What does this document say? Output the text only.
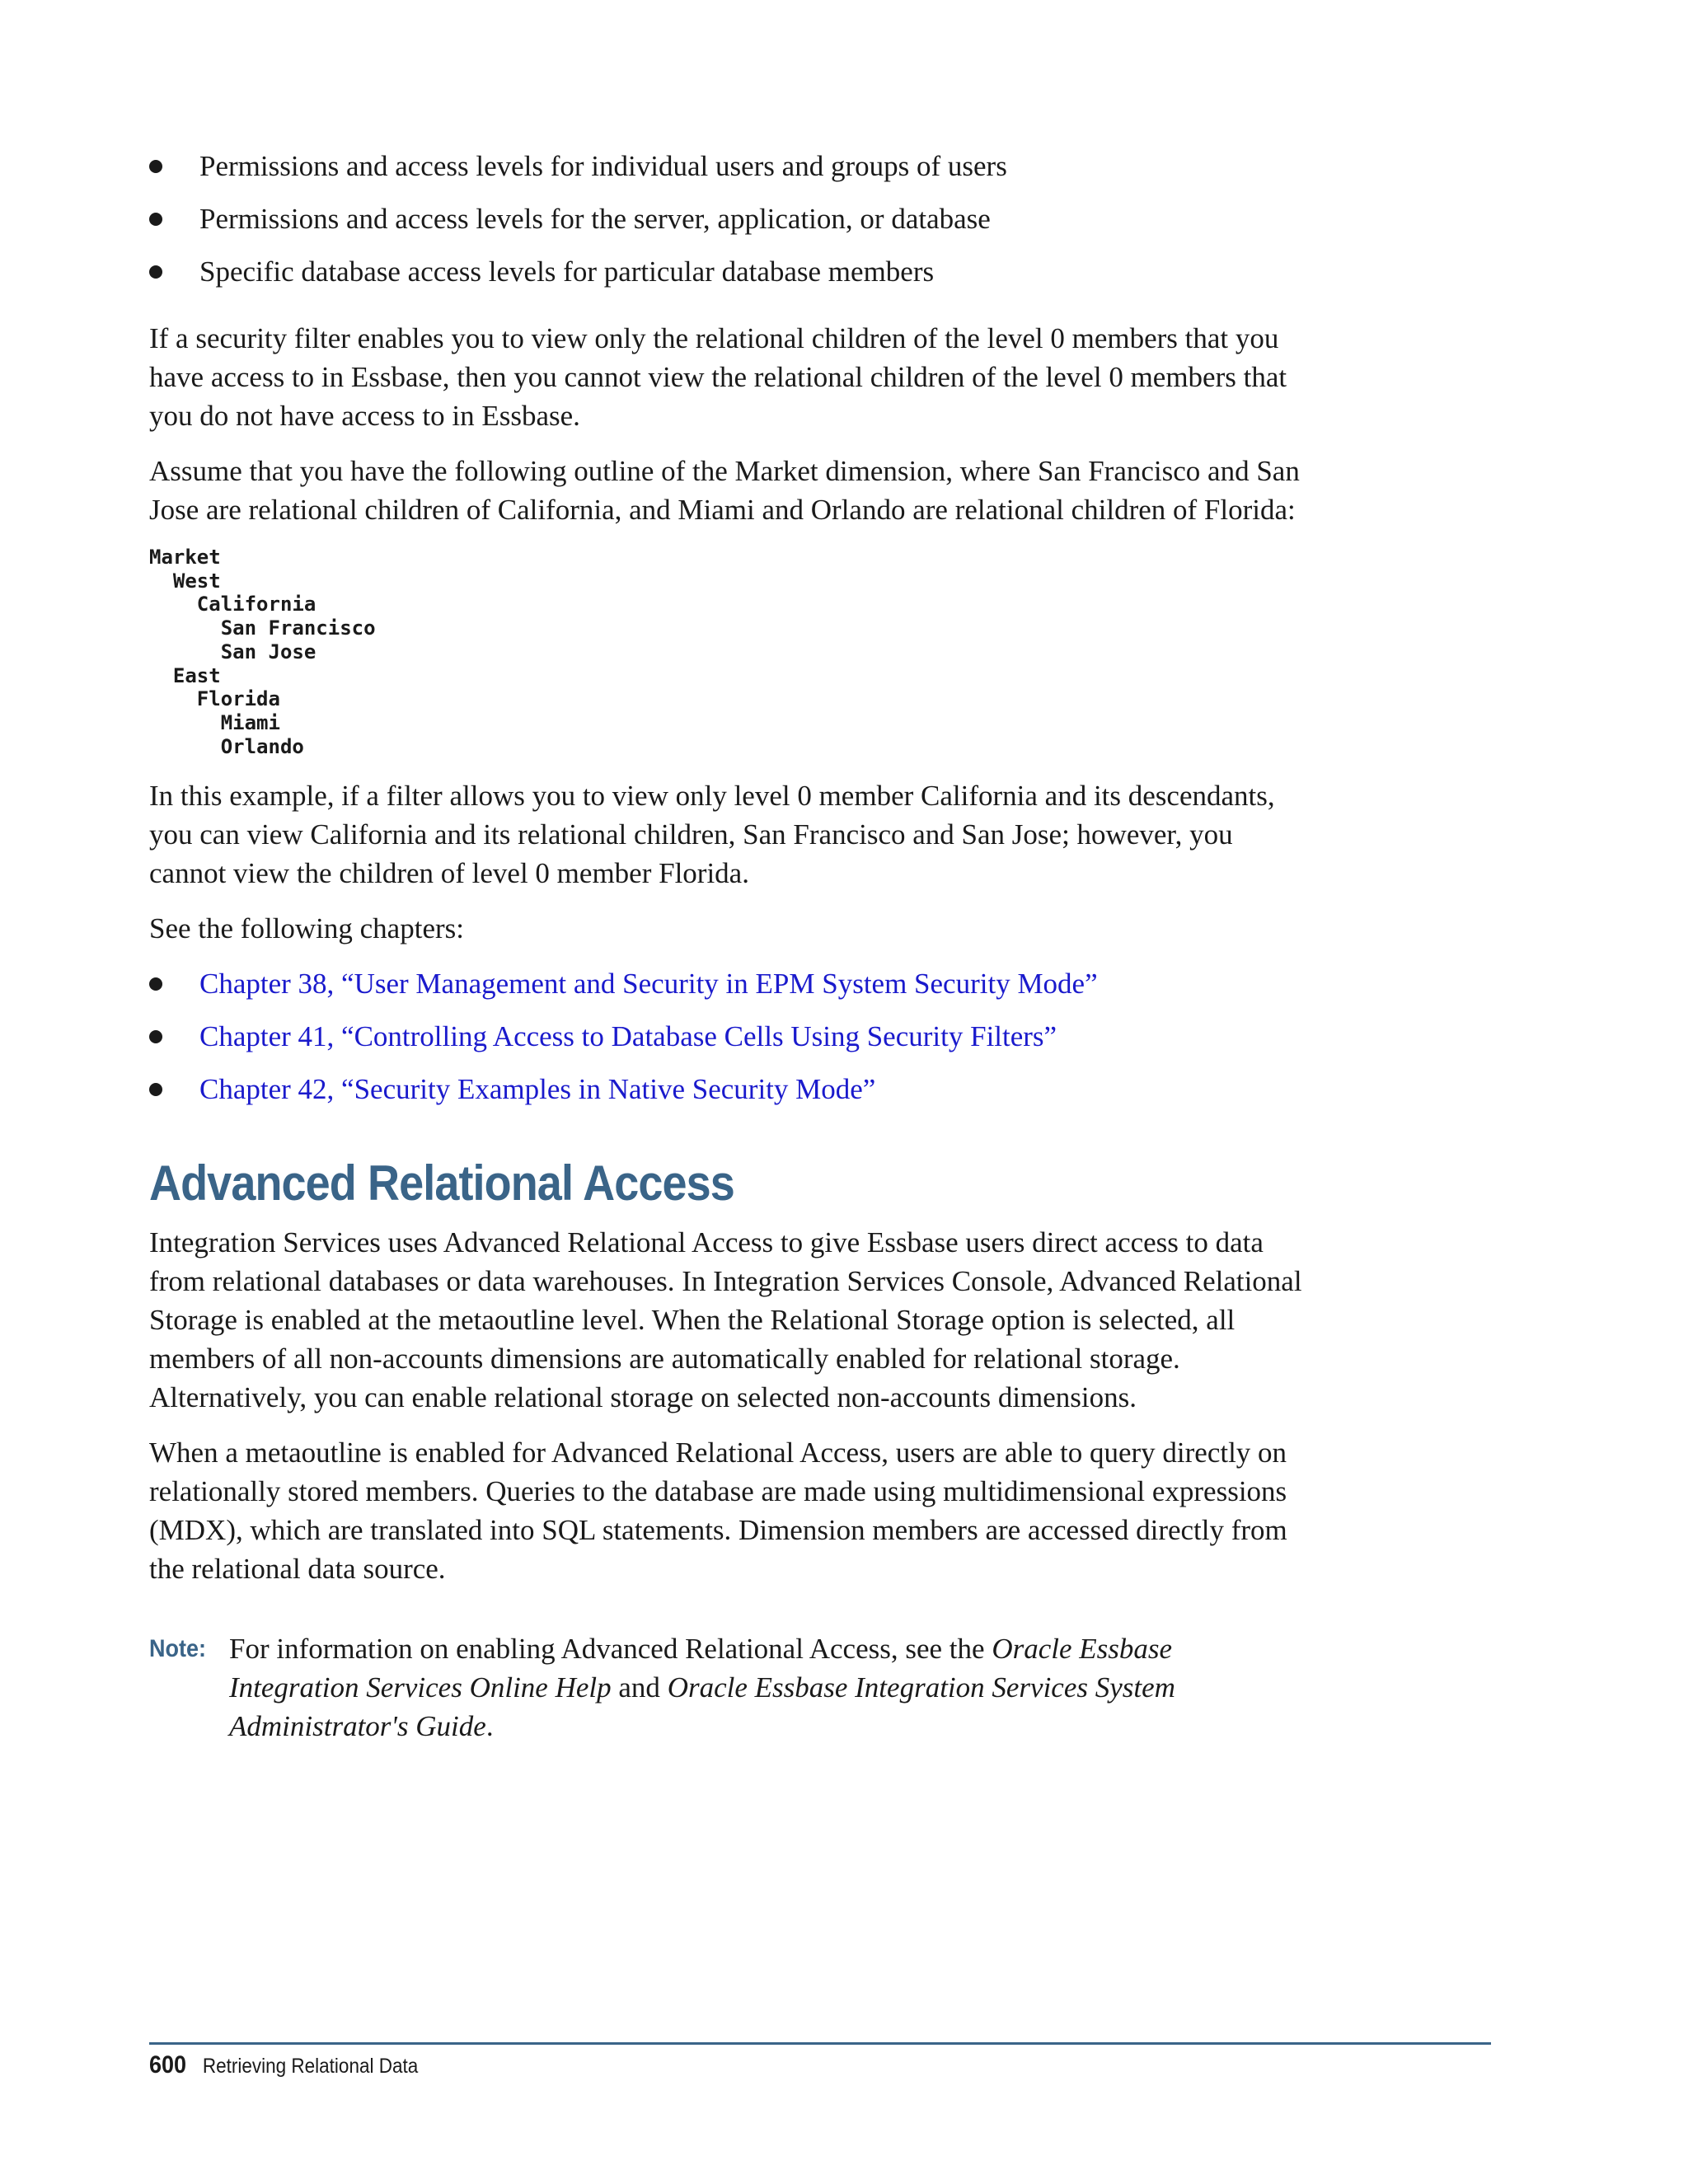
Permissions and access levels for individual users and groups of users
Permissions and access levels for the server, application, or database
Specific database access levels for particular database members

If a security filter enables you to view only the relational children of the level 0 members that you have access to in Essbase, then you cannot view the relational children of the level 0 members that you do not have access to in Essbase.

Assume that you have the following outline of the Market dimension, where San Francisco and San Jose are relational children of California, and Miami and Orlando are relational children of Florida:

Market
West
California
San Francisco
San Jose
East
Florida
Miami
Orlando

In this example, if a filter allows you to view only level 0 member California and its descendants, you can view California and its relational children, San Francisco and San Jose; however, you cannot view the children of level 0 member Florida.

See the following chapters:

Chapter 38, “User Management and Security in EPM System Security Mode”
Chapter 41, “Controlling Access to Database Cells Using Security Filters”
Chapter 42, “Security Examples in Native Security Mode”
Advanced Relational Access

Integration Services uses Advanced Relational Access to give Essbase users direct access to data from relational databases or data warehouses. In Integration Services Console, Advanced Relational Storage is enabled at the metaoutline level. When the Relational Storage option is selected, all members of all non-accounts dimensions are automatically enabled for relational storage. Alternatively, you can enable relational storage on selected non-accounts dimensions.

When a metaoutline is enabled for Advanced Relational Access, users are able to query directly on relationally stored members. Queries to the database are made using multidimensional expressions (MDX), which are translated into SQL statements. Dimension members are accessed directly from the relational data source.

Note: For information on enabling Advanced Relational Access, see the Oracle Essbase Integration Services Online Help and Oracle Essbase Integration Services System Administrator's Guide.
600 Retrieving Relational Data
